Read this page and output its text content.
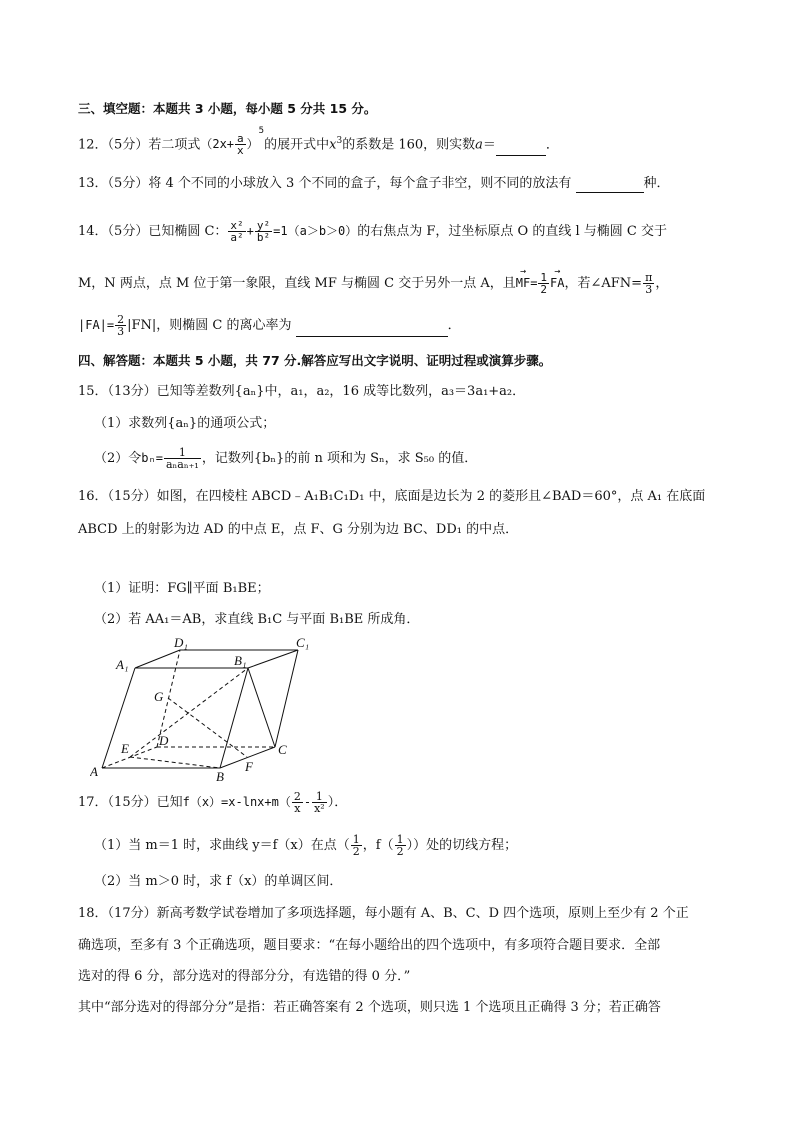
三、填空题：本题共 3 小题，每小题 5 分共 15 分。
12．（5分）若二项式$(2x+ \frac{a}{x} )^5$的展开式中$x^3$的系数是 160，则实数a＝	．
13．（5分）将 4 个不同的小球放入 3 个不同的盒子，每个盒子非空，则不同的放法有	种．
14．（5分）已知椭圆 C： $\frac{\text{x²}}{\text{a²}} + \frac{\text{y²}}{\text{b²}} =1(a>b>0)$的右焦点为 F，过坐标原点 O 的直线 l 与椭圆 C 交于
M，N 两点，点 M 位于第一象限，直线 MF 与椭圆 C 交于另外一点 A，且→ $MF= \frac{1}{2}$
→ FA，若∠AFN= $\frac{\pi}{3}$ ，
$|FA|= \frac{2}{3} |FN|$，则椭圆 C 的离心率为	．
四、解答题：本题共 5 小题，共 77 分.解答应写出文字说明、证明过程或演算步骤。
15．（13分）已知等差数列{aₙ}中，a₁，a₂，16 成等比数列，a₃＝3a₁+a₂．
（1）求数列{aₙ}的通项公式；
（2）令$b_n= \frac{1}{\text{aₙaₙ₊₁}}$ ，记数列{bₙ}的前 n 项和为 Sₙ，求 S₅₀ 的值．
16．（15分）如图，在四棱柱 ABCD﹣A₁B₁C₁D₁ 中，底面是边长为 2 的菱形且∠BAD＝60°，点 A₁ 在底面
ABCD 上的射影为边 AD 的中点 E，点 F、G 分别为边 BC、DD₁ 的中点．
（1）证明：FG∥平面 B₁BE；
（2）若 AA₁＝AB，求直线 B₁C 与平面 B₁BE 所成角．
A₁
D₁
B₁
C₁
G
D
E	C
A	B
F
17．（15分）已知$f(x)=x-\ln x+m( \frac{2}{x} - \frac{1}{\text{x²}}$ ）．
（1）当 m＝1 时，求曲线 y＝f（x）在点（ $\frac{1}{2}$ ，$f( \frac{1}{2}$ ））处的切线方程；
（2）当 m＞0 时，求 f（x）的单调区间．
18．（17分）新高考数学试卷增加了多项选择题，每小题有 A、B、C、D 四个选项，原则上至少有 2 个正
确选项，至多有 3 个正确选项，题目要求：“在每小题给出的四个选项中，有多项符合题目要求．全部
选对的得 6 分，部分选对的得部分分，有选错的得 0 分．”
其中“部分选对的得部分分”是指：若正确答案有 2 个选项，则只选 1 个选项且正确得 3 分；若正确答
